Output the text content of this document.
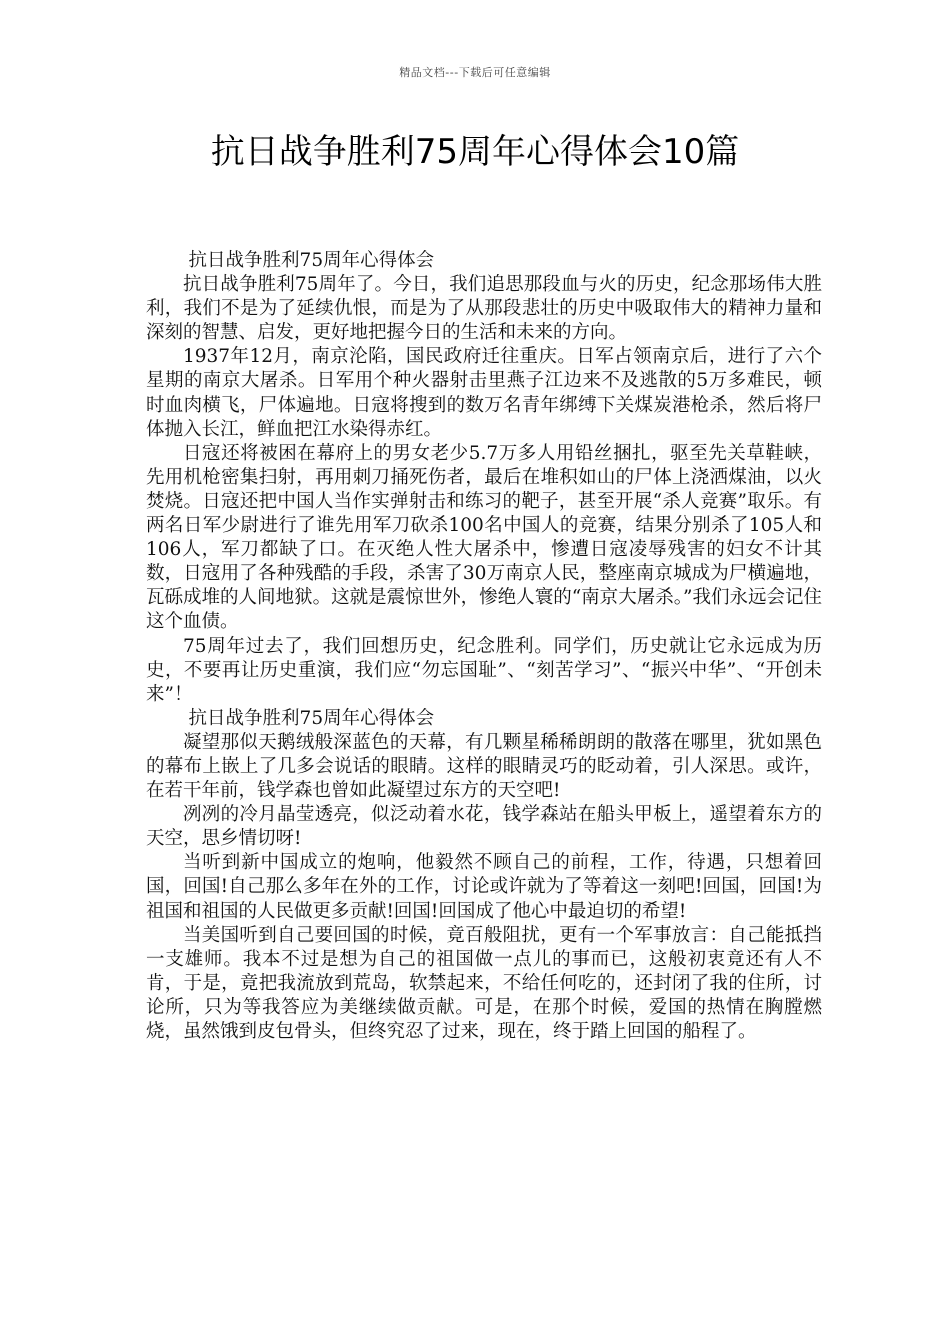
精品文档---下载后可任意编辑
抗日战争胜利75周年心得体会10篇

抗日战争胜利75周年心得体会

抗日战争胜利75周年了。今日，我们追思那段血与火的历史，纪念那场伟大胜利，我们不是为了延续仇恨，而是为了从那段悲壮的历史中吸取伟大的精神力量和深刻的智慧、启发，更好地把握今日的生活和未来的方向。

1937年12月，南京沦陷，国民政府迁往重庆。日军占领南京后，进行了六个星期的南京大屠杀。日军用个种火器射击里燕子江边来不及逃散的5万多难民，顿时血肉横飞，尸体遍地。日寇将搜到的数万名青年绑缚下关煤炭港枪杀，然后将尸体抛入长江，鲜血把江水染得赤红。

日寇还将被困在幕府上的男女老少5.7万多人用铅丝捆扎，驱至先关草鞋峡，先用机枪密集扫射，再用刺刀捅死伤者，最后在堆积如山的尸体上浇洒煤油，以火焚烧。日寇还把中国人当作实弹射击和练习的靶子，甚至开展“杀人竞赛”取乐。有两名日军少尉进行了谁先用军刀砍杀100名中国人的竞赛，结果分别杀了105人和106人，军刀都缺了口。在灭绝人性大屠杀中，惨遭日寇凌辱残害的妇女不计其数，日寇用了各种残酷的手段，杀害了30万南京人民，整座南京城成为尸横遍地，瓦砾成堆的人间地狱。这就是震惊世外，惨绝人寰的“南京大屠杀。”我们永远会记住这个血债。

75周年过去了，我们回想历史，纪念胜利。同学们，历史就让它永远成为历史，不要再让历史重演，我们应“勿忘国耻”、“刻苦学习”、“振兴中华”、“开创未来”！

抗日战争胜利75周年心得体会

凝望那似天鹅绒般深蓝色的天幕，有几颗星稀稀朗朗的散落在哪里，犹如黑色的幕布上嵌上了几多会说话的眼睛。这样的眼睛灵巧的眨动着，引人深思。或许，在若干年前，钱学森也曾如此凝望过东方的天空吧!

冽冽的冷月晶莹透亮，似泛动着水花，钱学森站在船头甲板上，遥望着东方的天空，思乡情切呀!

当听到新中国成立的炮响，他毅然不顾自己的前程，工作，待遇，只想着回国，回国!自己那么多年在外的工作，讨论或许就为了等着这一刻吧!回国，回国!为祖国和祖国的人民做更多贡献!回国!回国成了他心中最迫切的希望!

当美国听到自己要回国的时候，竟百般阻扰，更有一个军事放言：自己能抵挡一支雄师。我本不过是想为自己的祖国做一点儿的事而已，这般初衷竟还有人不肯，于是，竟把我流放到荒岛，软禁起来，不给任何吃的，还封闭了我的住所，讨论所，只为等我答应为美继续做贡献。可是，在那个时候，爱国的热情在胸膛燃烧，虽然饿到皮包骨头，但终究忍了过来，现在，终于踏上回国的船程了。
